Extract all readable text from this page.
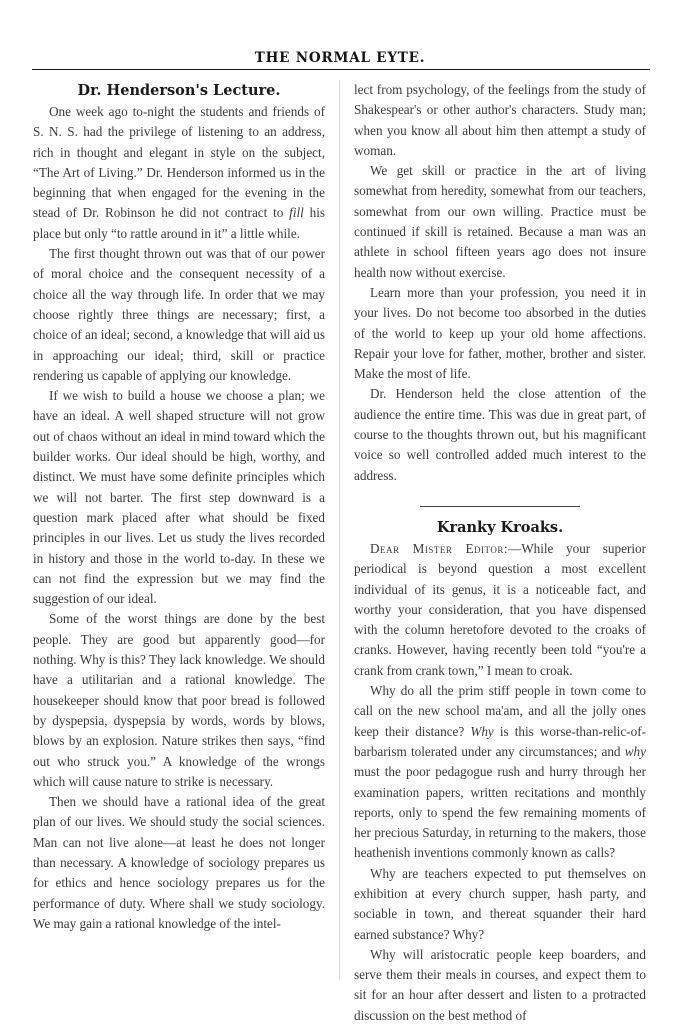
THE NORMAL EYTE.
Dr. Henderson's Lecture.

One week ago to-night the students and friends of S. N. S. had the privilege of listening to an address, rich in thought and elegant in style on the subject, “The Art of Living.” Dr. Henderson informed us in the beginning that when engaged for the evening in the stead of Dr. Robinson he did not contract to fill his place but only “to rattle around in it” a little while.

The first thought thrown out was that of our power of moral choice and the consequent necessity of a choice all the way through life. In order that we may choose rightly three things are necessary; first, a choice of an ideal; second, a knowledge that will aid us in approaching our ideal; third, skill or practice rendering us capable of applying our knowledge.

If we wish to build a house we choose a plan; we have an ideal. A well shaped structure will not grow out of chaos without an ideal in mind toward which the builder works. Our ideal should be high, worthy, and distinct. We must have some definite principles which we will not barter. The first step downward is a question mark placed after what should be fixed principles in our lives. Let us study the lives recorded in history and those in the world to-day. In these we can not find the expression but we may find the suggestion of our ideal.

Some of the worst things are done by the best people. They are good but apparently good—for nothing. Why is this? They lack knowledge. We should have a utilitarian and a rational knowledge. The housekeeper should know that poor bread is followed by dyspepsia, dyspepsia by words, words by blows, blows by an explosion. Nature strikes then says, “find out who struck you.” A knowledge of the wrongs which will cause nature to strike is necessary.

Then we should have a rational idea of the great plan of our lives. We should study the social sciences. Man can not live alone—at least he does not longer than necessary. A knowledge of sociology prepares us for ethics and hence sociology prepares us for the performance of duty. Where shall we study sociology. We may gain a rational knowledge of the intel-

lect from psychology, of the feelings from the study of Shakespear's or other author's characters. Study man; when you know all about him then attempt a study of woman.

We get skill or practice in the art of living somewhat from heredity, somewhat from our teachers, somewhat from our own willing. Practice must be continued if skill is retained. Because a man was an athlete in school fifteen years ago does not insure health now without exercise.

Learn more than your profession, you need it in your lives. Do not become too absorbed in the duties of the world to keep up your old home affections. Repair your love for father, mother, brother and sister. Make the most of life.

Dr. Henderson held the close attention of the audience the entire time. This was due in great part, of course to the thoughts thrown out, but his magnificant voice so well controlled added much interest to the address.

Kranky Kroaks.

Dear Mister Editor:—While your superior periodical is beyond question a most excellent individual of its genus, it is a noticeable fact, and worthy your consideration, that you have dispensed with the column heretofore devoted to the croaks of cranks. However, having recently been told “you're a crank from crank town,” I mean to croak.

Why do all the prim stiff people in town come to call on the new school ma'am, and all the jolly ones keep their distance? Why is this worse-than-relic-of-barbarism tolerated under any circumstances; and why must the poor pedagogue rush and hurry through her examination papers, written recitations and monthly reports, only to spend the few remaining moments of her precious Saturday, in returning to the makers, those heathenish inventions commonly known as calls?

Why are teachers expected to put themselves on exhibition at every church supper, hash party, and sociable in town, and thereat squander their hard earned substance? Why?

Why will aristocratic people keep boarders, and serve them their meals in courses, and expect them to sit for an hour after dessert and listen to a protracted discussion on the best method of
